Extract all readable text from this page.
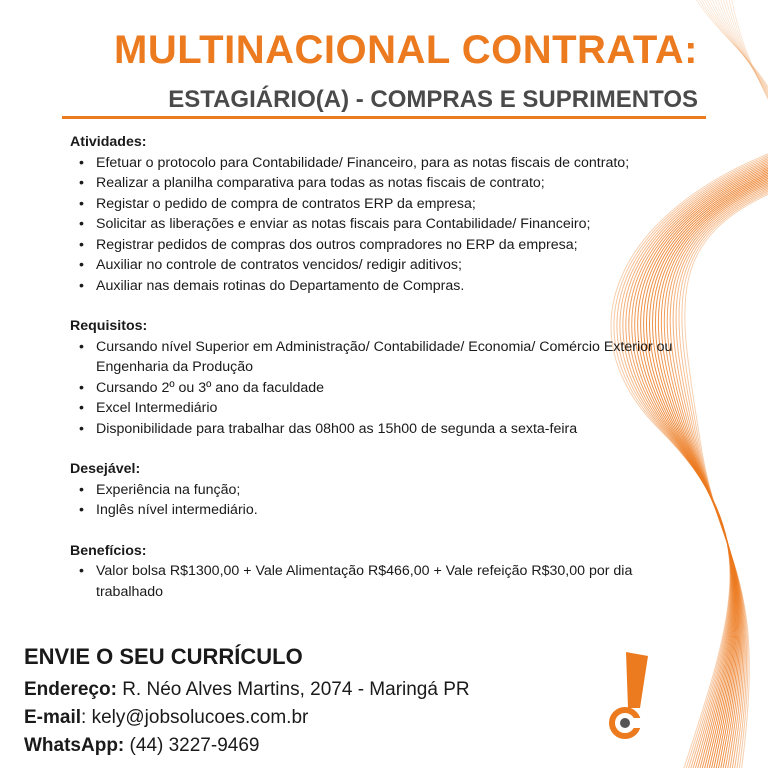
MULTINACIONAL CONTRATA:
ESTAGIÁRIO(A) - COMPRAS E SUPRIMENTOS
Atividades:
• Efetuar o protocolo para Contabilidade/ Financeiro, para as notas fiscais de contrato;
• Realizar a planilha comparativa para todas as notas fiscais de contrato;
• Registar o pedido de compra de contratos ERP da empresa;
• Solicitar as liberações e enviar as notas fiscais para Contabilidade/ Financeiro;
• Registrar pedidos de compras dos outros compradores no ERP da empresa;
• Auxiliar no controle de contratos vencidos/ redigir aditivos;
• Auxiliar nas demais rotinas do Departamento de Compras.
Requisitos:
• Cursando nível Superior em Administração/ Contabilidade/ Economia/ Comércio Exterior ou Engenharia da Produção
• Cursando 2º ou 3º ano da faculdade
• Excel Intermediário
• Disponibilidade para trabalhar das 08h00 as 15h00 de segunda a sexta-feira
Desejável:
• Experiência na função;
• Inglês nível intermediário.
Benefícios:
• Valor bolsa R$1300,00 + Vale Alimentação R$466,00 + Vale refeição R$30,00 por dia trabalhado
ENVIE O SEU CURRÍCULO
Endereço: R. Néo Alves Martins, 2074 - Maringá PR
E-mail: kely@jobsolucoes.com.br
WhatsApp: (44) 3227-9469
